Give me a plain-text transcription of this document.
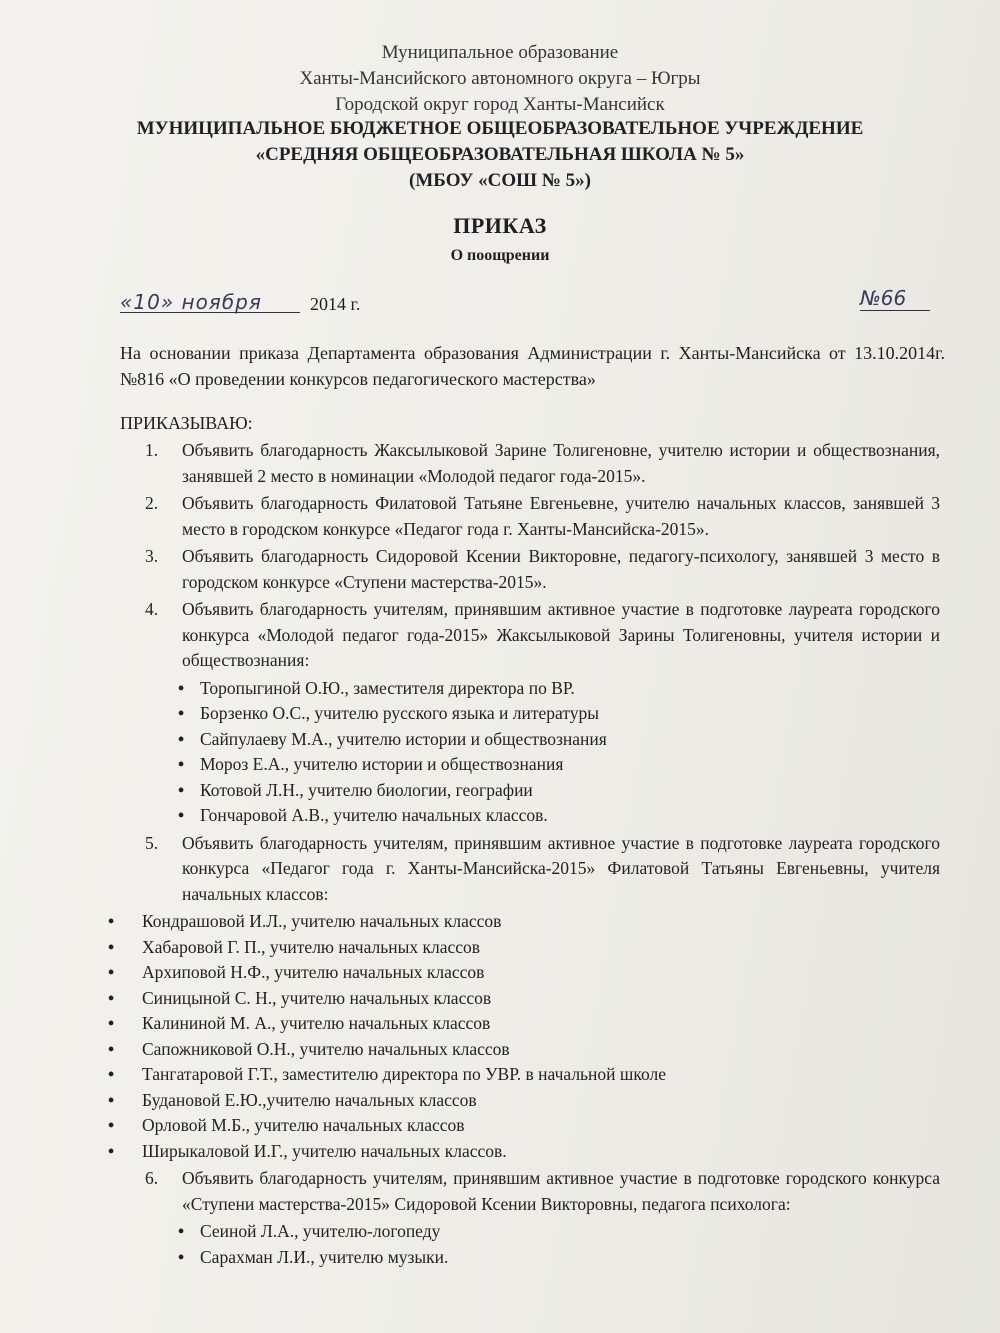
Муниципальное образование
Ханты-Мансийского автономного округа – Югры
Городской округ город Ханты-Мансийск
МУНИЦИПАЛЬНОЕ БЮДЖЕТНОЕ ОБЩЕОБРАЗОВАТЕЛЬНОЕ УЧРЕЖДЕНИЕ
«СРЕДНЯЯ ОБЩЕОБРАЗОВАТЕЛЬНАЯ ШКОЛА № 5»
(МБОУ «СОШ № 5»)
ПРИКАЗ
О поощрении
«10» ноября	2014 г.	№66
На основании приказа Департамента образования Администрации г. Ханты-Мансийска от 13.10.2014г. №816 «О проведении конкурсов педагогического мастерства»
ПРИКАЗЫВАЮ:
1. Объявить благодарность Жаксылыковой Зарине Толигеновне, учителю истории и обществознания, занявшей 2 место в номинации «Молодой педагог года-2015».
2. Объявить благодарность Филатовой Татьяне Евгеньевне, учителю начальных классов, занявшей 3 место в городском конкурсе «Педагог года г. Ханты-Мансийска-2015».
3. Объявить благодарность Сидоровой Ксении Викторовне, педагогу-психологу, занявшей 3 место в городском конкурсе «Ступени мастерства-2015».
4. Объявить благодарность учителям, принявшим активное участие в подготовке лауреата городского конкурса «Молодой педагог года-2015» Жаксылыковой Зарины Толигеновны, учителя истории и обществознания:
• Торопыгиной О.Ю., заместителя директора по ВР.
• Борзенко О.С., учителю русского языка и литературы
• Сайпулаеву М.А., учителю истории и обществознания
• Мороз Е.А., учителю истории и обществознания
• Котовой Л.Н., учителю биологии, географии
• Гончаровой А.В., учителю начальных классов.
5. Объявить благодарность учителям, принявшим активное участие в подготовке лауреата городского конкурса «Педагог года г. Ханты-Мансийска-2015» Филатовой Татьяны Евгеньевны, учителя начальных классов:
• Кондрашовой И.Л., учителю начальных классов
• Хабаровой Г. П., учителю начальных классов
• Архиповой Н.Ф., учителю начальных классов
• Синицыной С. Н., учителю начальных классов
• Калининой М. А., учителю начальных классов
• Сапожниковой О.Н., учителю начальных классов
• Тангатаровой Г.Т., заместителю директора по УВР. в начальной школе
• Будановой Е.Ю.,учителю начальных классов
• Орловой М.Б., учителю начальных классов
• Ширыкаловой И.Г., учителю начальных классов.
6. Объявить благодарность учителям, принявшим активное участие в подготовке городского конкурса «Ступени мастерства-2015» Сидоровой Ксении Викторовны, педагога психолога:
• Сеиной Л.А., учителю-логопеду
• Сарахман Л.И., учителю музыки.
